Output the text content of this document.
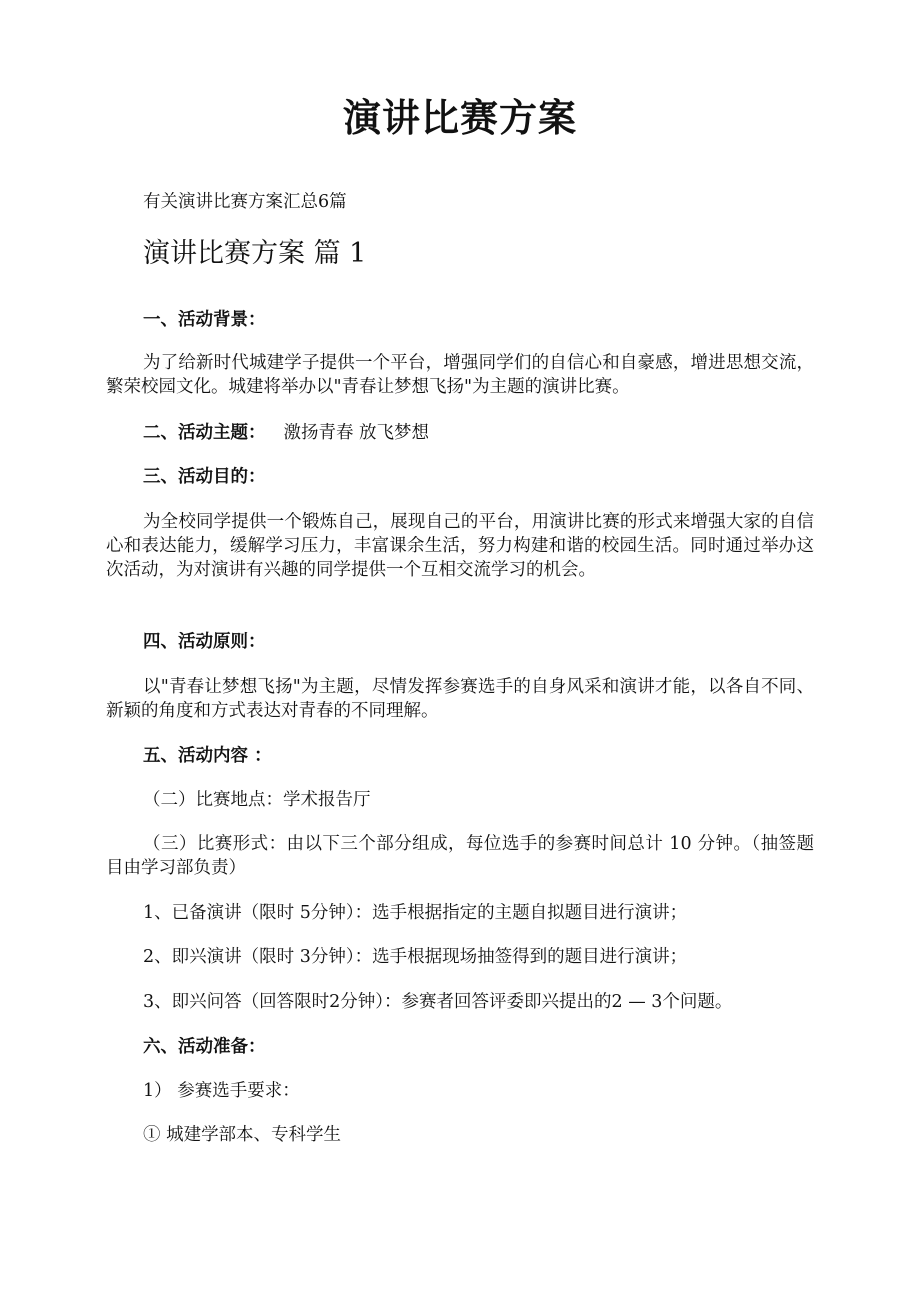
演讲比赛方案
有关演讲比赛方案汇总6篇
演讲比赛方案 篇 1
一、活动背景：
为了给新时代城建学子提供一个平台，增强同学们的自信心和自豪感，增进思想交流，繁荣校园文化。城建将举办以"青春让梦想飞扬"为主题的演讲比赛。
二、活动主题： 激扬青春 放飞梦想
三、活动目的：
为全校同学提供一个锻炼自己，展现自己的平台，用演讲比赛的形式来增强大家的自信心和表达能力，缓解学习压力，丰富课余生活，努力构建和谐的校园生活。同时通过举办这次活动，为对演讲有兴趣的同学提供一个互相交流学习的机会。
四、活动原则：
以"青春让梦想飞扬"为主题，尽情发挥参赛选手的自身风采和演讲才能，以各自不同、新颖的角度和方式表达对青春的不同理解。
五、活动内容 ：
（二）比赛地点：学术报告厅
（三）比赛形式：由以下三个部分组成，每位选手的参赛时间总计 10 分钟。（抽签题目由学习部负责）
1、已备演讲（限时 5分钟）：选手根据指定的主题自拟题目进行演讲；
2、即兴演讲（限时 3分钟）：选手根据现场抽签得到的题目进行演讲；
3、即兴问答（回答限时2分钟）：参赛者回答评委即兴提出的2 — 3个问题。
六、活动准备：
1） 参赛选手要求：
① 城建学部本、专科学生
